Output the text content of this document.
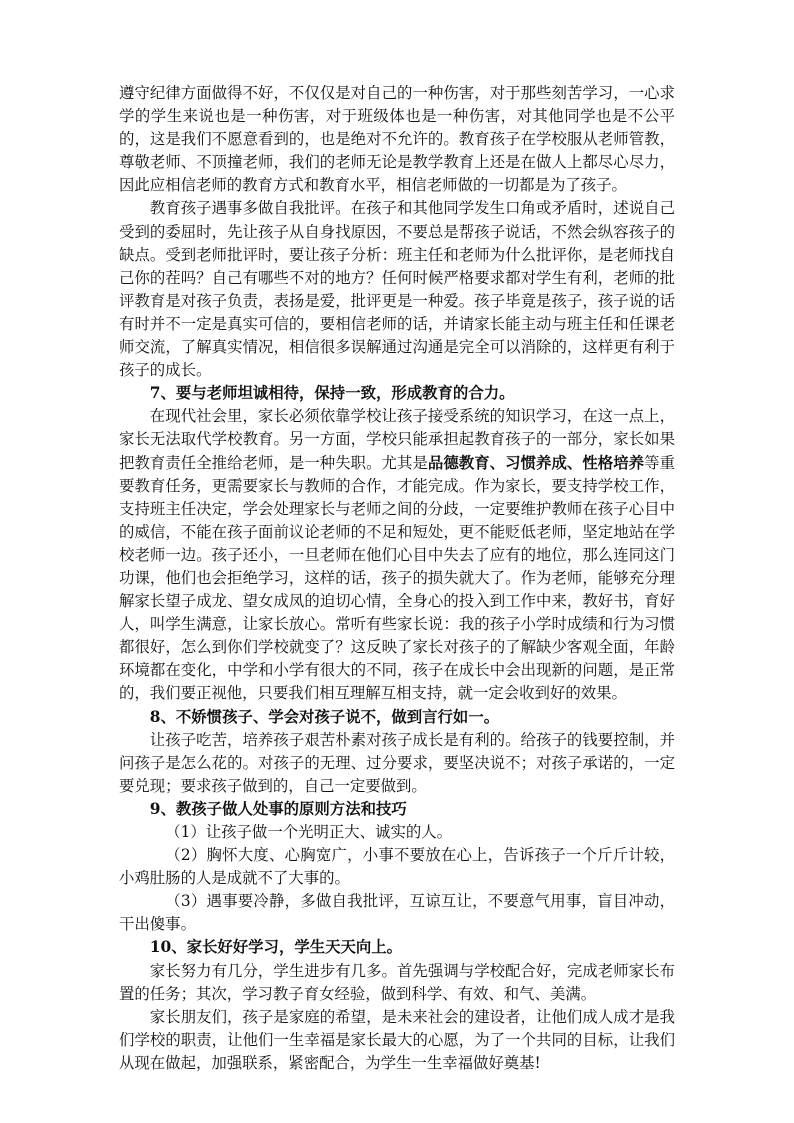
遵守纪律方面做得不好，不仅仅是对自己的一种伤害，对于那些刻苦学习，一心求学的学生来说也是一种伤害，对于班级体也是一种伤害，对其他同学也是不公平的，这是我们不愿意看到的，也是绝对不允许的。教育孩子在学校服从老师管教，尊敬老师、不顶撞老师，我们的老师无论是教学教育上还是在做人上都尽心尽力，因此应相信老师的教育方式和教育水平，相信老师做的一切都是为了孩子。

教育孩子遇事多做自我批评。在孩子和其他同学发生口角或矛盾时，述说自己受到的委屈时，先让孩子从自身找原因，不要总是帮孩子说话，不然会纵容孩子的缺点。受到老师批评时，要让孩子分析：班主任和老师为什么批评你，是老师找自己你的茬吗？自己有哪些不对的地方？任何时候严格要求都对学生有利，老师的批评教育是对孩子负责，表扬是爱，批评更是一种爱。孩子毕竟是孩子，孩子说的话有时并不一定是真实可信的，要相信老师的话，并请家长能主动与班主任和任课老师交流，了解真实情况，相信很多误解通过沟通是完全可以消除的，这样更有利于孩子的成长。

7、要与老师坦诚相待，保持一致，形成教育的合力。

在现代社会里，家长必须依靠学校让孩子接受系统的知识学习，在这一点上，家长无法取代学校教育。另一方面，学校只能承担起教育孩子的一部分，家长如果把教育责任全推给老师，是一种失职。尤其是品德教育、习惯养成、性格培养等重要教育任务，更需要家长与教师的合作，才能完成。作为家长，要支持学校工作，支持班主任决定，学会处理家长与老师之间的分歧，一定要维护教师在孩子心目中的威信，不能在孩子面前议论老师的不足和短处，更不能贬低老师，坚定地站在学校老师一边。孩子还小，一旦老师在他们心目中失去了应有的地位，那么连同这门功课，他们也会拒绝学习，这样的话，孩子的损失就大了。作为老师，能够充分理解家长望子成龙、望女成凤的迫切心情，全身心的投入到工作中来，教好书，育好人，叫学生满意，让家长放心。常听有些家长说：我的孩子小学时成绩和行为习惯都很好，怎么到你们学校就变了？这反映了家长对孩子的了解缺少客观全面，年龄环境都在变化，中学和小学有很大的不同，孩子在成长中会出现新的问题，是正常的，我们要正视他，只要我们相互理解互相支持，就一定会收到好的效果。

8、不娇惯孩子、学会对孩子说不，做到言行如一。

让孩子吃苦，培养孩子艰苦朴素对孩子成长是有利的。给孩子的钱要控制，并问孩子是怎么花的。对孩子的无理、过分要求，要坚决说不；对孩子承诺的，一定要兑现；要求孩子做到的，自己一定要做到。

9、教孩子做人处事的原则方法和技巧

（1）让孩子做一个光明正大、诚实的人。

（2）胸怀大度、心胸宽广，小事不要放在心上，告诉孩子一个斤斤计较，小鸡肚肠的人是成就不了大事的。

（3）遇事要冷静，多做自我批评，互谅互让，不要意气用事，盲目冲动，干出傻事。

10、家长好好学习，学生天天向上。

家长努力有几分，学生进步有几多。首先强调与学校配合好，完成老师家长布置的任务；其次，学习教子育女经验，做到科学、有效、和气、美满。

家长朋友们，孩子是家庭的希望，是未来社会的建设者，让他们成人成才是我们学校的职责，让他们一生幸福是家长最大的心愿，为了一个共同的目标，让我们从现在做起，加强联系，紧密配合，为学生一生幸福做好奠基!
